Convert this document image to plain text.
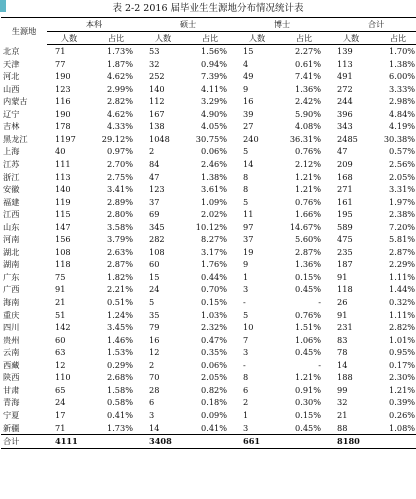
表 2-2 2016 届毕业生生源地分布情况统计表
生源地	本科		硕士		博士		合计	
	人数	占比	人数	占比	人数	占比	人数	占比
北京	71	1.73%	53	1.56%	15	2.27%	139	1.70%
天津	77	1.87%	32	0.94%	4	0.61%	113	1.38%
河北	190	4.62%	252	7.39%	49	7.41%	491	6.00%
山西	123	2.99%	140	4.11%	9	1.36%	272	3.33%
内蒙古	116	2.82%	112	3.29%	16	2.42%	244	2.98%
辽宁	190	4.62%	167	4.90%	39	5.90%	396	4.84%
吉林	178	4.33%	138	4.05%	27	4.08%	343	4.19%
黑龙江	1197	29.12%	1048	30.75%	240	36.31%	2485	30.38%
上海	40	0.97%	2	0.06%	5	0.76%	47	0.57%
江苏	111	2.70%	84	2.46%	14	2.12%	209	2.56%
浙江	113	2.75%	47	1.38%	8	1.21%	168	2.05%
安徽	140	3.41%	123	3.61%	8	1.21%	271	3.31%
福建	119	2.89%	37	1.09%	5	0.76%	161	1.97%
江西	115	2.80%	69	2.02%	11	1.66%	195	2.38%
山东	147	3.58%	345	10.12%	97	14.67%	589	7.20%
河南	156	3.79%	282	8.27%	37	5.60%	475	5.81%
湖北	108	2.63%	108	3.17%	19	2.87%	235	2.87%
湖南	118	2.87%	60	1.76%	9	1.36%	187	2.29%
广东	75	1.82%	15	0.44%	1	0.15%	91	1.11%
广西	91	2.21%	24	0.70%	3	0.45%	118	1.44%
海南	21	0.51%	5	0.15%	-	-	26	0.32%
重庆	51	1.24%	35	1.03%	5	0.76%	91	1.11%
四川	142	3.45%	79	2.32%	10	1.51%	231	2.82%
贵州	60	1.46%	16	0.47%	7	1.06%	83	1.01%
云南	63	1.53%	12	0.35%	3	0.45%	78	0.95%
西藏	12	0.29%	2	0.06%	-	-	14	0.17%
陕西	110	2.68%	70	2.05%	8	1.21%	188	2.30%
甘肃	65	1.58%	28	0.82%	6	0.91%	99	1.21%
青海	24	0.58%	6	0.18%	2	0.30%	32	0.39%
宁夏	17	0.41%	3	0.09%	1	0.15%	21	0.26%
新疆	71	1.73%	14	0.41%	3	0.45%	88	1.08%
合计	4111		3408		661		8180	
